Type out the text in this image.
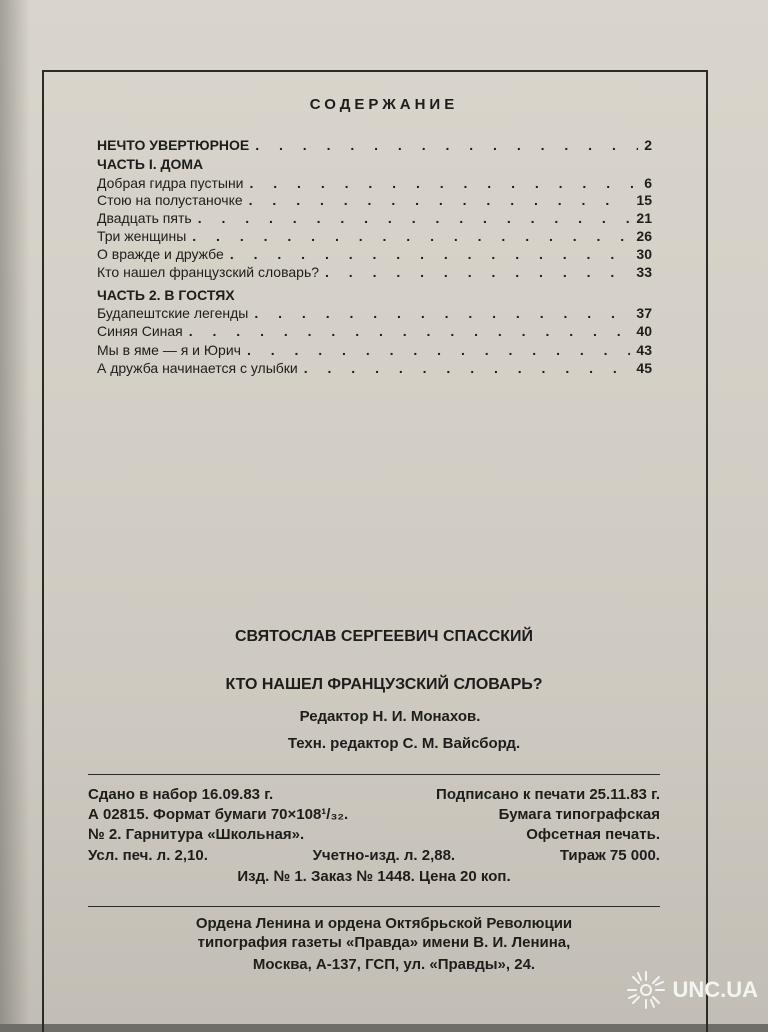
СОДЕРЖАНИЕ
НЕЧТО УВЕРТЮРНОЕ . . .	2
ЧАСТЬ I. ДОМА
Добрая гидра пустыни . . .	6
Стою на полустаночке . . .	15
Двадцать пять . . .	21
Три женщины . . .	26
О вражде и дружбе . . .	30
Кто нашел французский словарь? . . .	33
ЧАСТЬ 2. В ГОСТЯХ
Будапештские легенды . . .	37
Синяя Синая . . .	40
Мы в яме — я и Юрич . . .	43
А дружба начинается с улыбки . . .	45
СВЯТОСЛАВ СЕРГЕЕВИЧ СПАССКИЙ
КТО НАШЕЛ ФРАНЦУЗСКИЙ СЛОВАРЬ?
Редактор Н. И. Монахов.
Техн. редактор С. М. Вайсборд.
Сдано в набор 16.09.83 г.	Подписано к печати 25.11.83 г.
А 02815. Формат бумаги 70×108¹/₃₂.	Бумага типографская
№ 2. Гарнитура «Школьная».	Офсетная печать.
Усл. печ. л. 2,10.	Учетно-изд. л. 2,88.	Тираж 75 000.
Изд. № 1. Заказ № 1448. Цена 20 коп.
Ордена Ленина и ордена Октябрьской Революции
типография газеты «Правда» имени В. И. Ленина,
Москва, А-137, ГСП, ул. «Правды», 24.
UNC.UA
